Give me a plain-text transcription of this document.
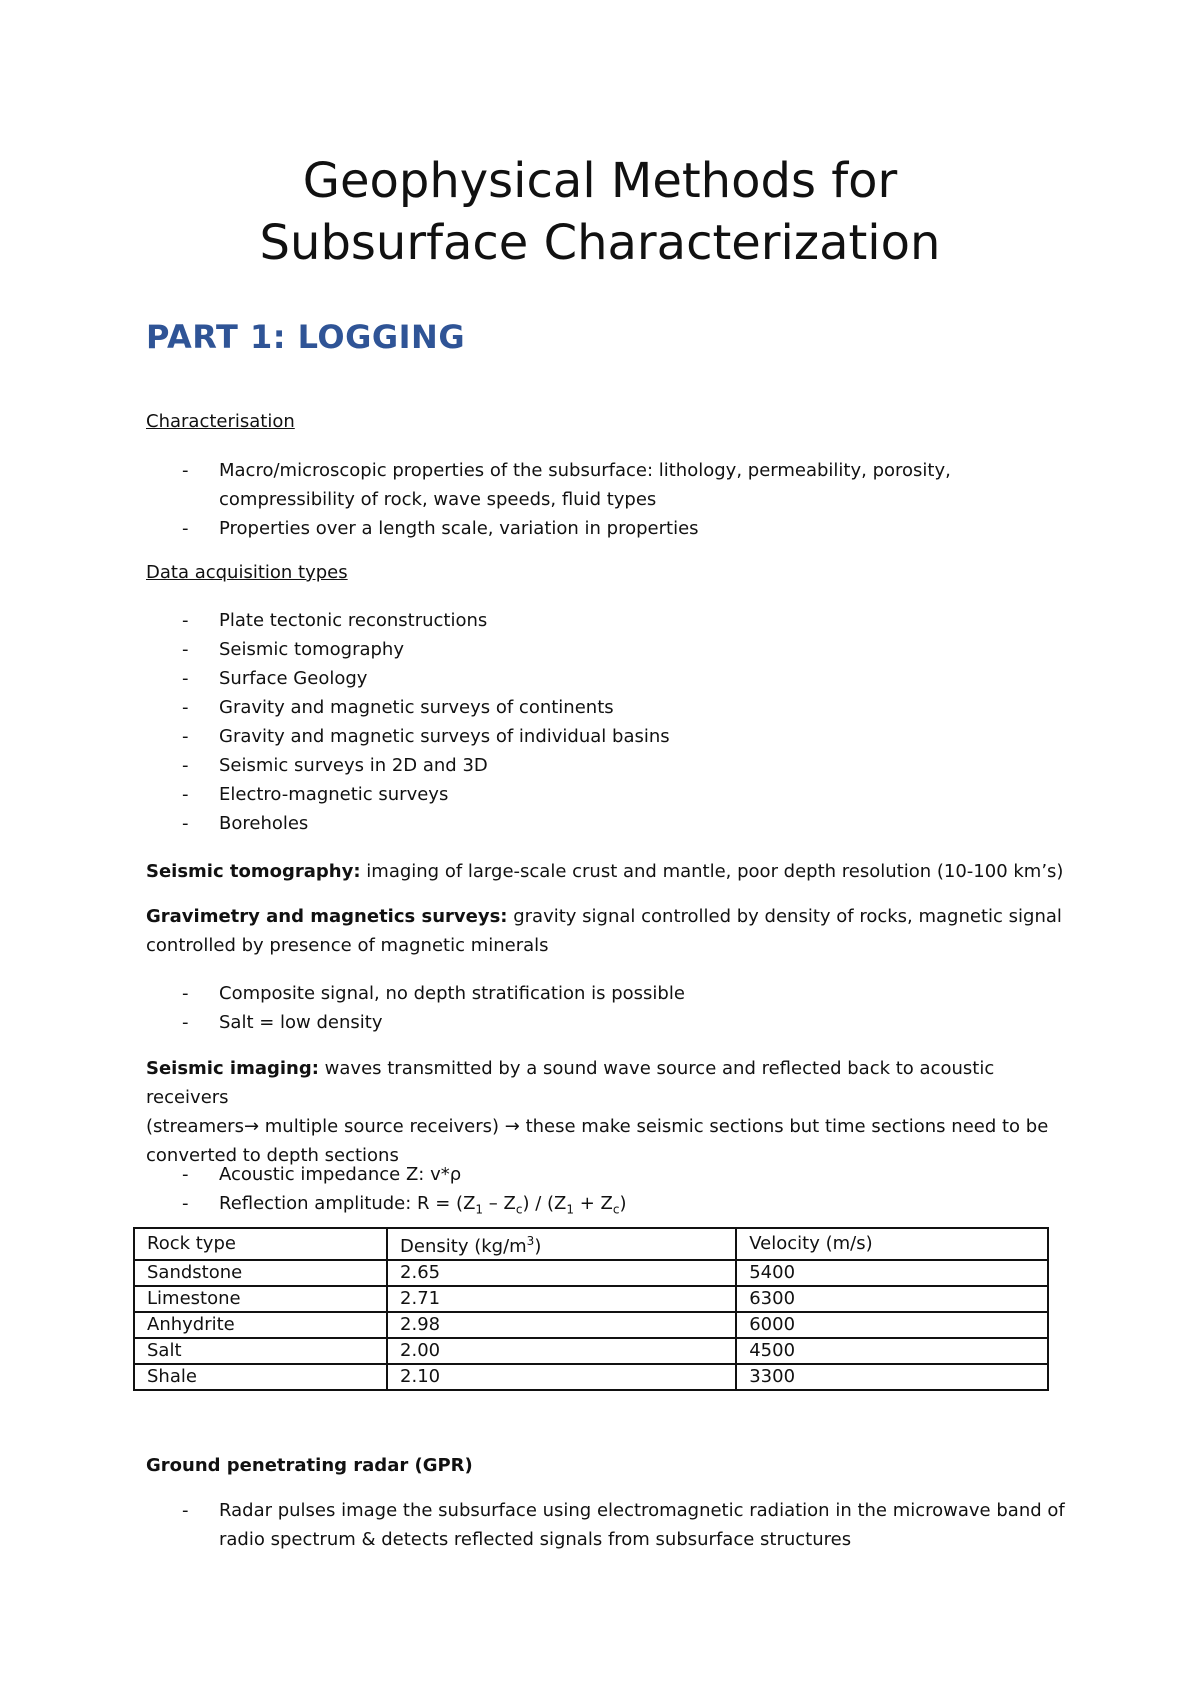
Geophysical Methods for
Subsurface Characterization
PART 1: LOGGING
Characterisation
- Macro/microscopic properties of the subsurface: lithology, permeability, porosity,
compressibility of rock, wave speeds, fluid types
- Properties over a length scale, variation in properties
Data acquisition types
- Plate tectonic reconstructions
- Seismic tomography
- Surface Geology
- Gravity and magnetic surveys of continents
- Gravity and magnetic surveys of individual basins
- Seismic surveys in 2D and 3D
- Electro-magnetic surveys
- Boreholes
Seismic tomography: imaging of large-scale crust and mantle, poor depth resolution (10-100 km’s)
Gravimetry and magnetics surveys: gravity signal controlled by density of rocks, magnetic signal
controlled by presence of magnetic minerals
- Composite signal, no depth stratification is possible
- Salt = low density
Seismic imaging: waves transmitted by a sound wave source and reflected back to acoustic receivers
(streamers→ multiple source receivers) → these make seismic sections but time sections need to be
converted to depth sections
- Acoustic impedance Z: v*ρ
- Reflection amplitude: $R = (Z_1 - Z_c) / (Z_1 + Z_c)$
Rock type	Density $(kg/m^3)$	Velocity (m/s)
Sandstone	2.65	5400
Limestone	2.71	6300
Anhydrite	2.98	6000
Salt	2.00	4500
Shale	2.10	3300
Ground penetrating radar (GPR)
- Radar pulses image the subsurface using electromagnetic radiation in the microwave band of
radio spectrum & detects reflected signals from subsurface structures
